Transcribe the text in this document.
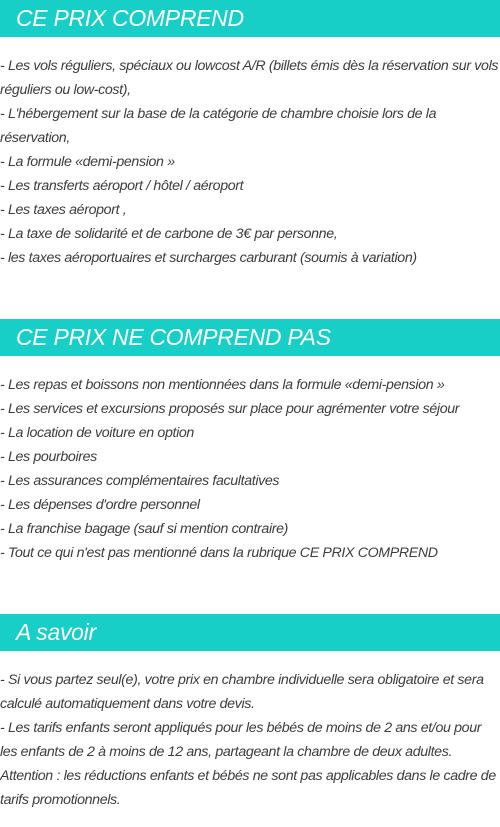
CE PRIX COMPREND
- Les vols réguliers, spéciaux ou lowcost A/R (billets émis dès la réservation sur vols réguliers ou low-cost),
- L'hébergement sur la base de la catégorie de chambre choisie lors de la réservation,
- La formule «demi-pension »
- Les transferts aéroport / hôtel / aéroport
- Les taxes aéroport ,
- La taxe de solidarité et de carbone de 3€ par personne,
- les taxes aéroportuaires et surcharges carburant (soumis à variation)
CE PRIX NE COMPREND PAS
- Les repas et boissons non mentionnées dans la formule «demi-pension »
- Les services et excursions proposés sur place pour agrémenter votre séjour
- La location de voiture en option
- Les pourboires
- Les assurances complémentaires facultatives
- Les dépenses d'ordre personnel
- La franchise bagage (sauf si mention contraire)
- Tout ce qui n'est pas mentionné dans la rubrique CE PRIX COMPREND
A savoir
- Si vous partez seul(e), votre prix en chambre individuelle sera obligatoire et sera calculé automatiquement dans votre devis.
- Les tarifs enfants seront appliqués pour les bébés de moins de 2 ans et/ou pour les enfants de 2 à moins de 12 ans, partageant la chambre de deux adultes.
Attention : les réductions enfants et bébés ne sont pas applicables dans le cadre de tarifs promotionnels.
